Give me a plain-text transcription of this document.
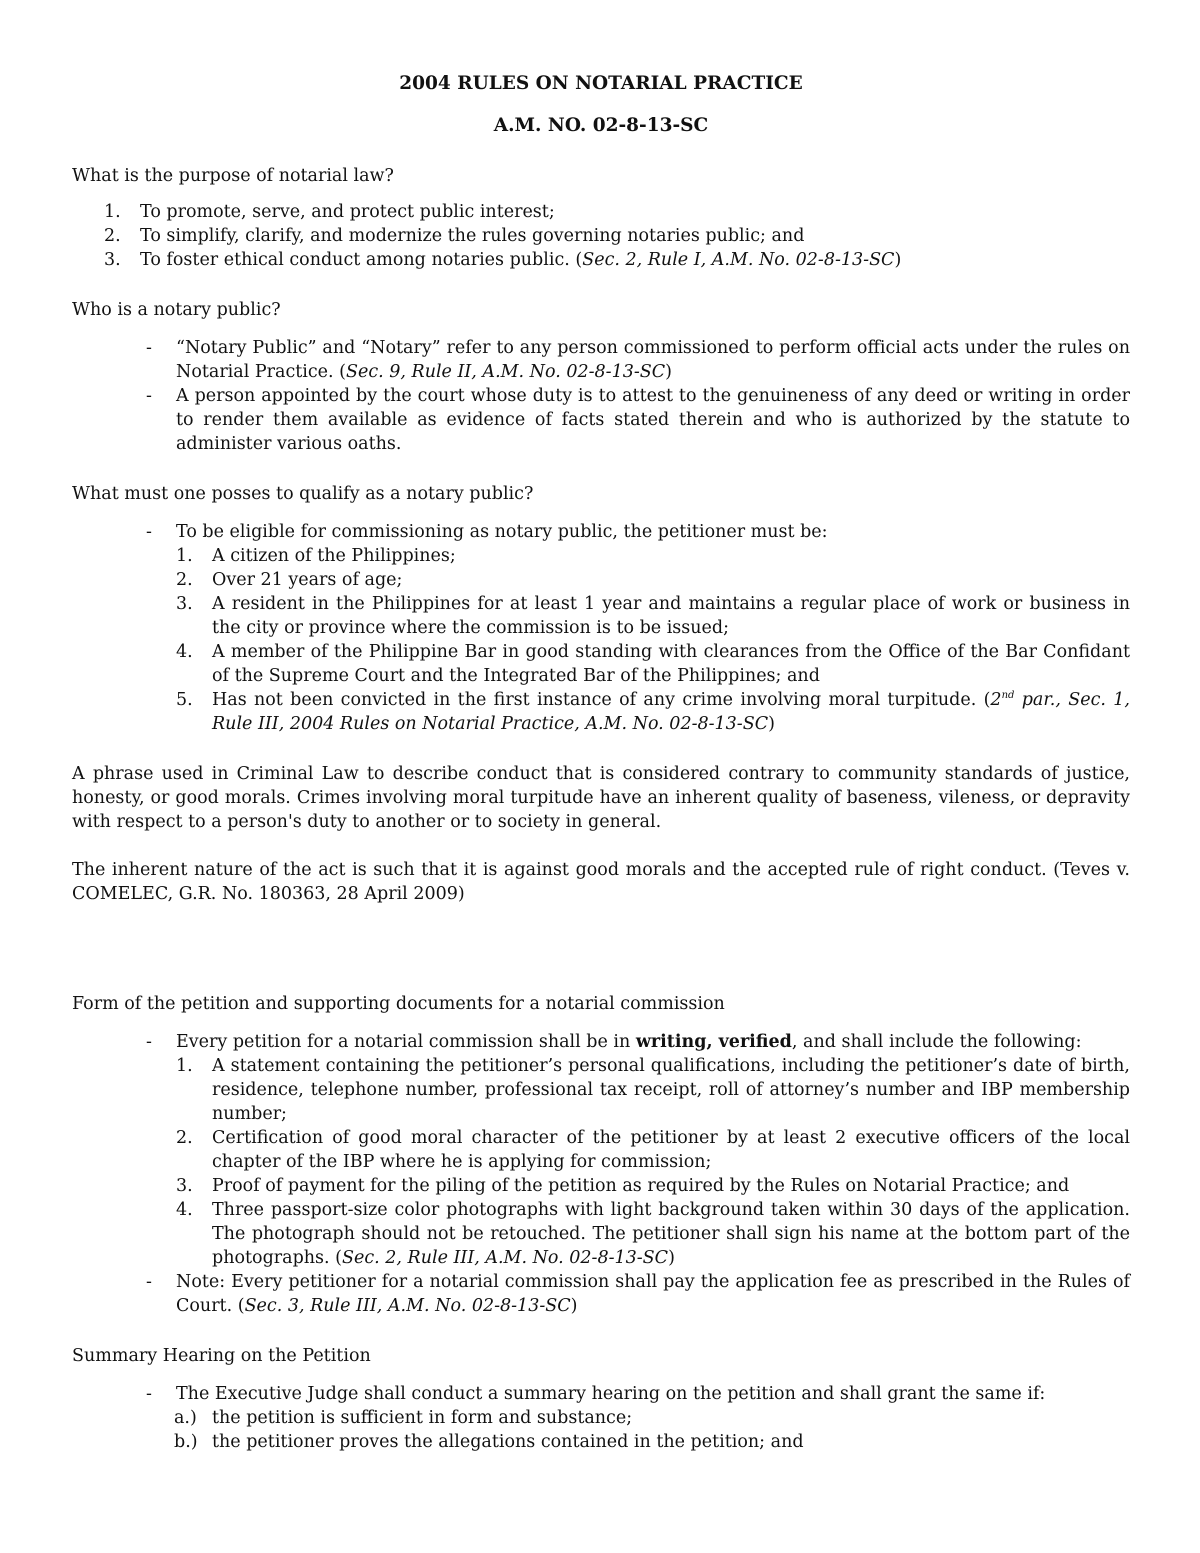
2004 RULES ON NOTARIAL PRACTICE

A.M. NO. 02-8-13-SC

What is the purpose of notarial law?

1. To promote, serve, and protect public interest;
2. To simplify, clarify, and modernize the rules governing notaries public; and
3. To foster ethical conduct among notaries public. (Sec. 2, Rule I, A.M. No. 02-8-13-SC)

Who is a notary public?

- “Notary Public” and “Notary” refer to any person commissioned to perform official acts under the rules on Notarial Practice. (Sec. 9, Rule II, A.M. No. 02-8-13-SC)
- A person appointed by the court whose duty is to attest to the genuineness of any deed or writing in order to render them available as evidence of facts stated therein and who is authorized by the statute to administer various oaths.

What must one posses to qualify as a notary public?

- To be eligible for commissioning as notary public, the petitioner must be:
1. A citizen of the Philippines;
2. Over 21 years of age;
3. A resident in the Philippines for at least 1 year and maintains a regular place of work or business in the city or province where the commission is to be issued;
4. A member of the Philippine Bar in good standing with clearances from the Office of the Bar Confidant of the Supreme Court and the Integrated Bar of the Philippines; and
5. Has not been convicted in the first instance of any crime involving moral turpitude. (2nd par., Sec. 1, Rule III, 2004 Rules on Notarial Practice, A.M. No. 02-8-13-SC)

A phrase used in Criminal Law to describe conduct that is considered contrary to community standards of justice, honesty, or good morals. Crimes involving moral turpitude have an inherent quality of baseness, vileness, or depravity with respect to a person's duty to another or to society in general.

The inherent nature of the act is such that it is against good morals and the accepted rule of right conduct. (Teves v. COMELEC, G.R. No. 180363, 28 April 2009)

Form of the petition and supporting documents for a notarial commission

- Every petition for a notarial commission shall be in writing, verified, and shall include the following:
1. A statement containing the petitioner’s personal qualifications, including the petitioner’s date of birth, residence, telephone number, professional tax receipt, roll of attorney’s number and IBP membership number;
2. Certification of good moral character of the petitioner by at least 2 executive officers of the local chapter of the IBP where he is applying for commission;
3. Proof of payment for the piling of the petition as required by the Rules on Notarial Practice; and
4. Three passport-size color photographs with light background taken within 30 days of the application. The photograph should not be retouched. The petitioner shall sign his name at the bottom part of the photographs. (Sec. 2, Rule III, A.M. No. 02-8-13-SC)
- Note: Every petitioner for a notarial commission shall pay the application fee as prescribed in the Rules of Court. (Sec. 3, Rule III, A.M. No. 02-8-13-SC)

Summary Hearing on the Petition

- The Executive Judge shall conduct a summary hearing on the petition and shall grant the same if:
a.) the petition is sufficient in form and substance;
b.) the petitioner proves the allegations contained in the petition; and
